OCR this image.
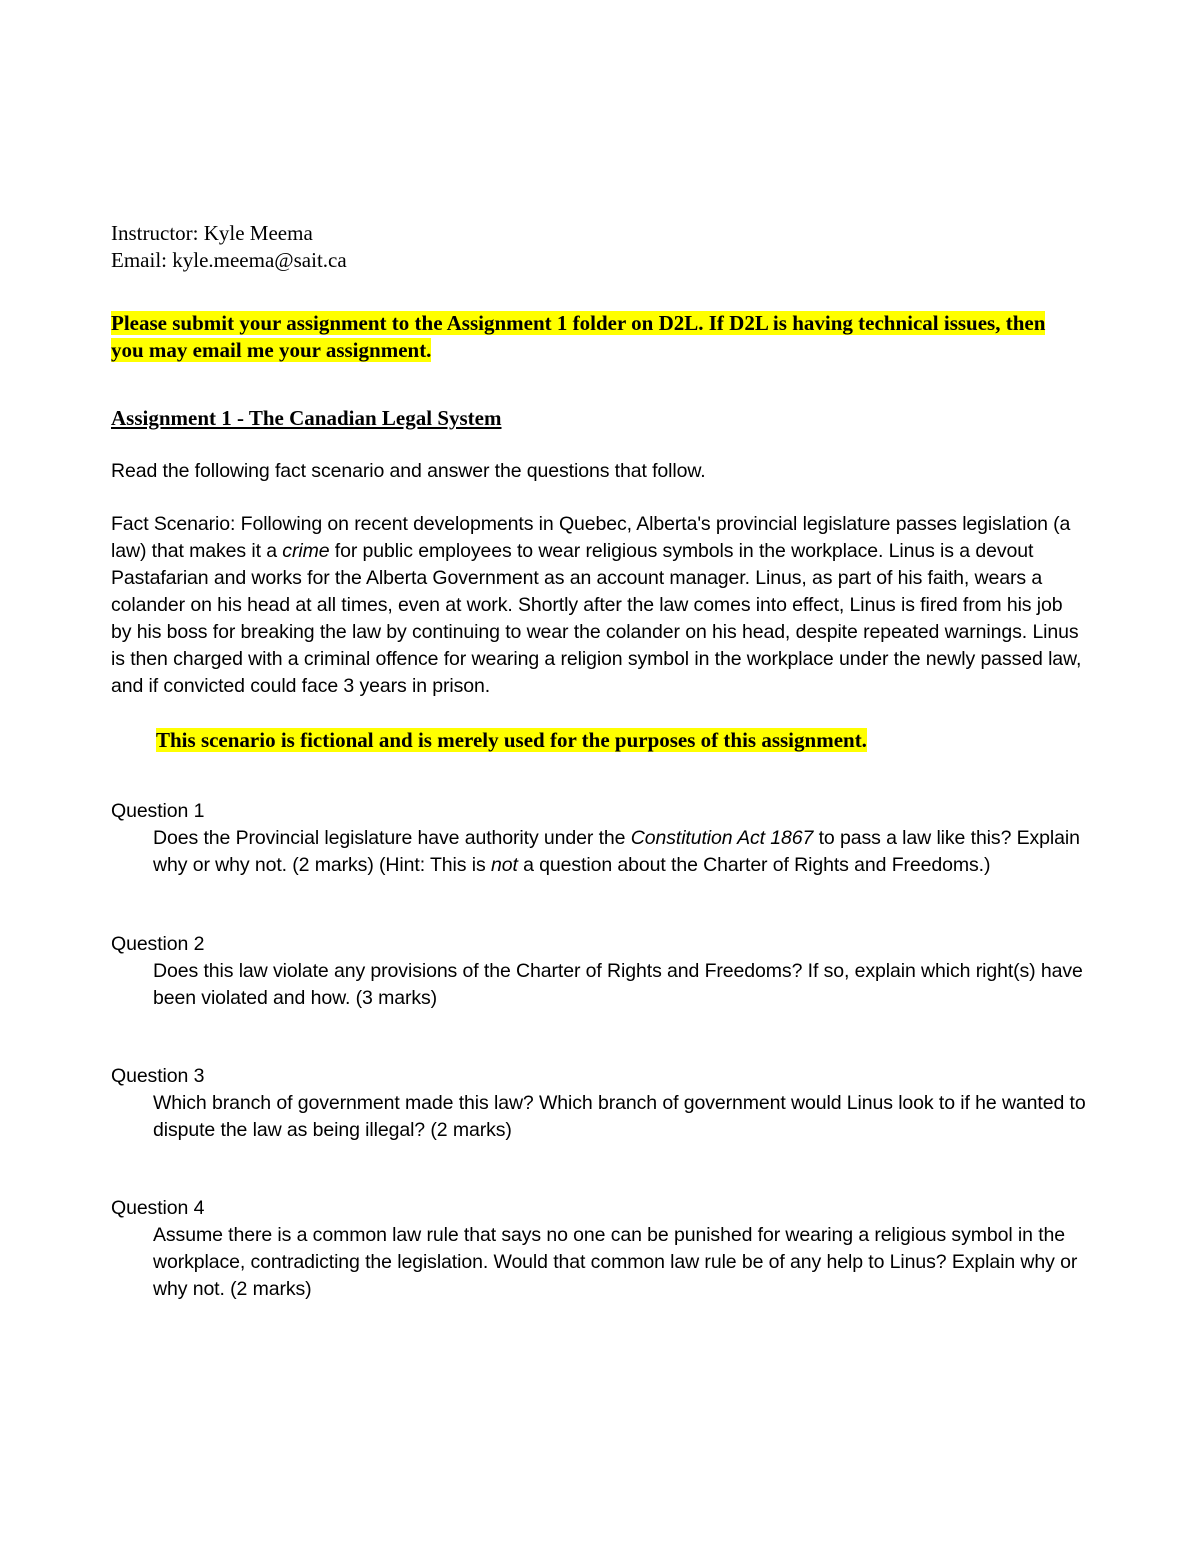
Instructor: Kyle Meema

Email: kyle.meema@sait.ca

Please submit your assignment to the Assignment 1 folder on D2L. If D2L is having technical issues, then you may email me your assignment.
Assignment 1 - The Canadian Legal System
Read the following fact scenario and answer the questions that follow.
Fact Scenario: Following on recent developments in Quebec, Alberta's provincial legislature passes legislation (a law) that makes it a crime for public employees to wear religious symbols in the workplace. Linus is a devout Pastafarian and works for the Alberta Government as an account manager. Linus, as part of his faith, wears a colander on his head at all times, even at work. Shortly after the law comes into effect, Linus is fired from his job by his boss for breaking the law by continuing to wear the colander on his head, despite repeated warnings. Linus is then charged with a criminal offence for wearing a religion symbol in the workplace under the newly passed law, and if convicted could face 3 years in prison.
This scenario is fictional and is merely used for the purposes of this assignment.
Question 1
Does the Provincial legislature have authority under the Constitution Act 1867 to pass a law like this? Explain why or why not. (2 marks) (Hint: This is not a question about the Charter of Rights and Freedoms.)
Question 2
Does this law violate any provisions of the Charter of Rights and Freedoms? If so, explain which right(s) have been violated and how. (3 marks)
Question 3
Which branch of government made this law? Which branch of government would Linus look to if he wanted to dispute the law as being illegal? (2 marks)
Question 4
Assume there is a common law rule that says no one can be punished for wearing a religious symbol in the workplace, contradicting the legislation. Would that common law rule be of any help to Linus? Explain why or why not. (2 marks)
